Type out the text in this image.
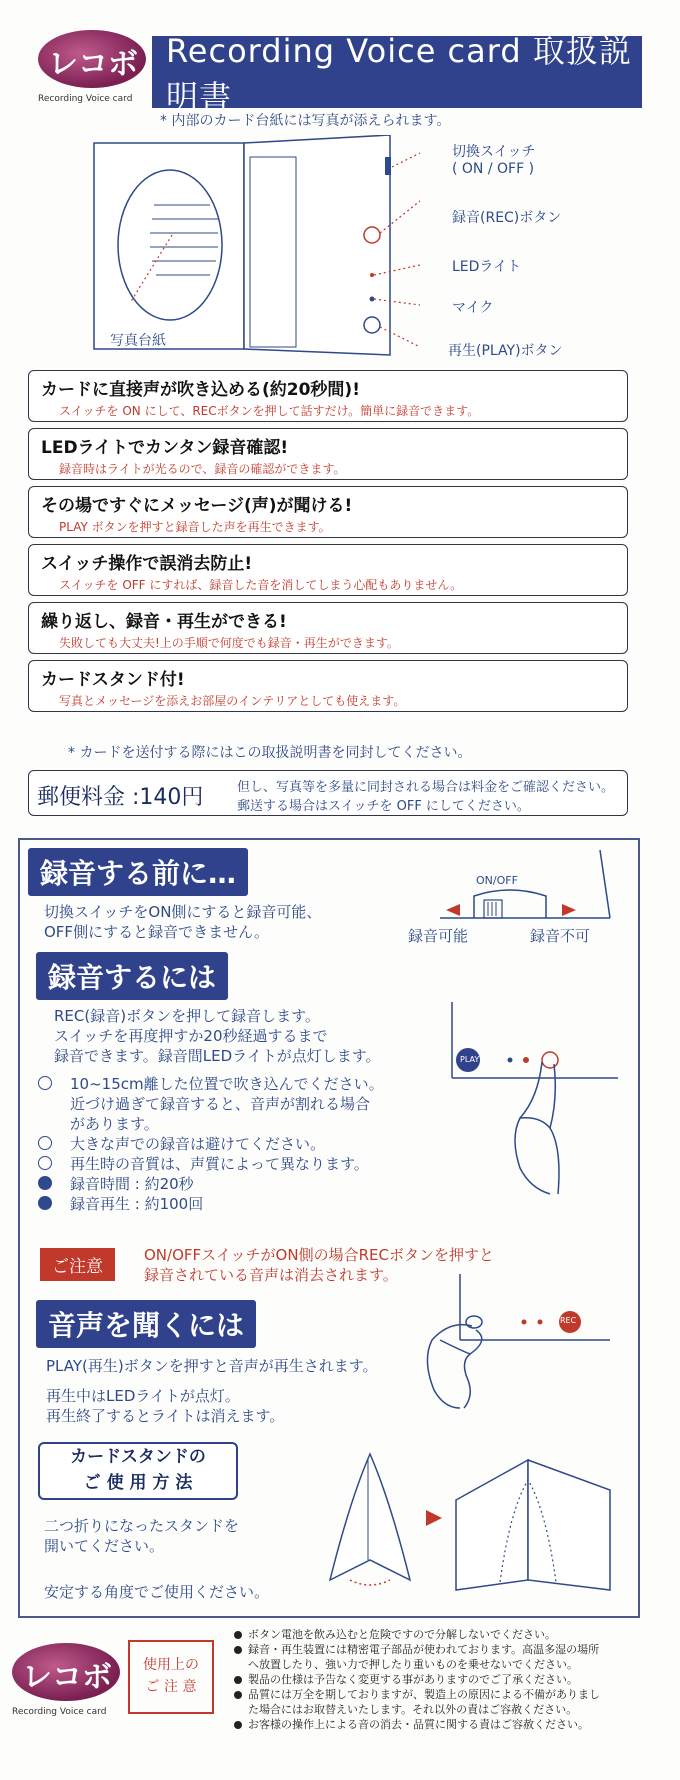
レコボ
Recording Voice card
Recording Voice card 取扱説明書
* 内部のカード台紙には写真が添えられます。
切換スイッチ
( ON / OFF )
録音(REC)ボタン
LEDライト
マイク
再生(PLAY)ボタン
写真台紙
カードに直接声が吹き込める(約20秒間)!
スイッチを ON にして、RECボタンを押して話すだけ。簡単に録音できます。
LEDライトでカンタン録音確認!
録音時はライトが光るので、録音の確認ができます。
その場ですぐにメッセージ(声)が聞ける!
PLAY ボタンを押すと録音した声を再生できます。
スイッチ操作で誤消去防止!
スイッチを OFF にすれば、録音した音を消してしまう心配もありません。
繰り返し、録音・再生ができる!
失敗しても大丈夫!上の手順で何度でも録音・再生ができます。
カードスタンド付!
写真とメッセージを添えお部屋のインテリアとしても使えます。
* カードを送付する際にはこの取扱説明書を同封してください。
郵便料金 :140円	但し、写真等を多量に同封される場合は料金をご確認ください。
郵送する場合はスイッチを OFF にしてください。
録音する前に…
切換スイッチをON側にすると録音可能、
OFF側にすると録音できません。
ON/OFF
録音可能	録音不可
録音するには
REC(録音)ボタンを押して録音します。
スイッチを再度押すか20秒経過するまで
録音できます。録音間LEDライトが点灯します。
10~15cm離した位置で吹き込んでください。
近づけ過ぎて録音すると、音声が割れる場合
があります。
大きな声での録音は避けてください。
再生時の音質は、声質によって異なります。
録音時間 : 約20秒
録音再生 : 約100回
PLAY
ご注意
ON/OFFスイッチがON側の場合RECボタンを押すと
録音されている音声は消去されます。
音声を聞くには
PLAY(再生)ボタンを押すと音声が再生されます。
再生中はLEDライトが点灯。
再生終了するとライトは消えます。
REC
カードスタンドの
ご 使 用 方 法
二つ折りになったスタンドを
開いてください。
安定する角度でご使用ください。
レコボ
Recording Voice card
使用上の
ご 注 意
ボタン電池を飲み込むと危険ですので分解しないでください。
録音・再生装置には精密電子部品が使われております。高温多湿の場所
へ放置したり、強い力で押したり重いものを乗せないでください。
製品の仕様は予告なく変更する事がありますのでご了承ください。
品質には万全を期しておりますが、製造上の原因による不備がありまし
た場合にはお取替えいたします。それ以外の責はご容赦ください。
お客様の操作上による音の消去・品質に関する責はご容赦ください。
